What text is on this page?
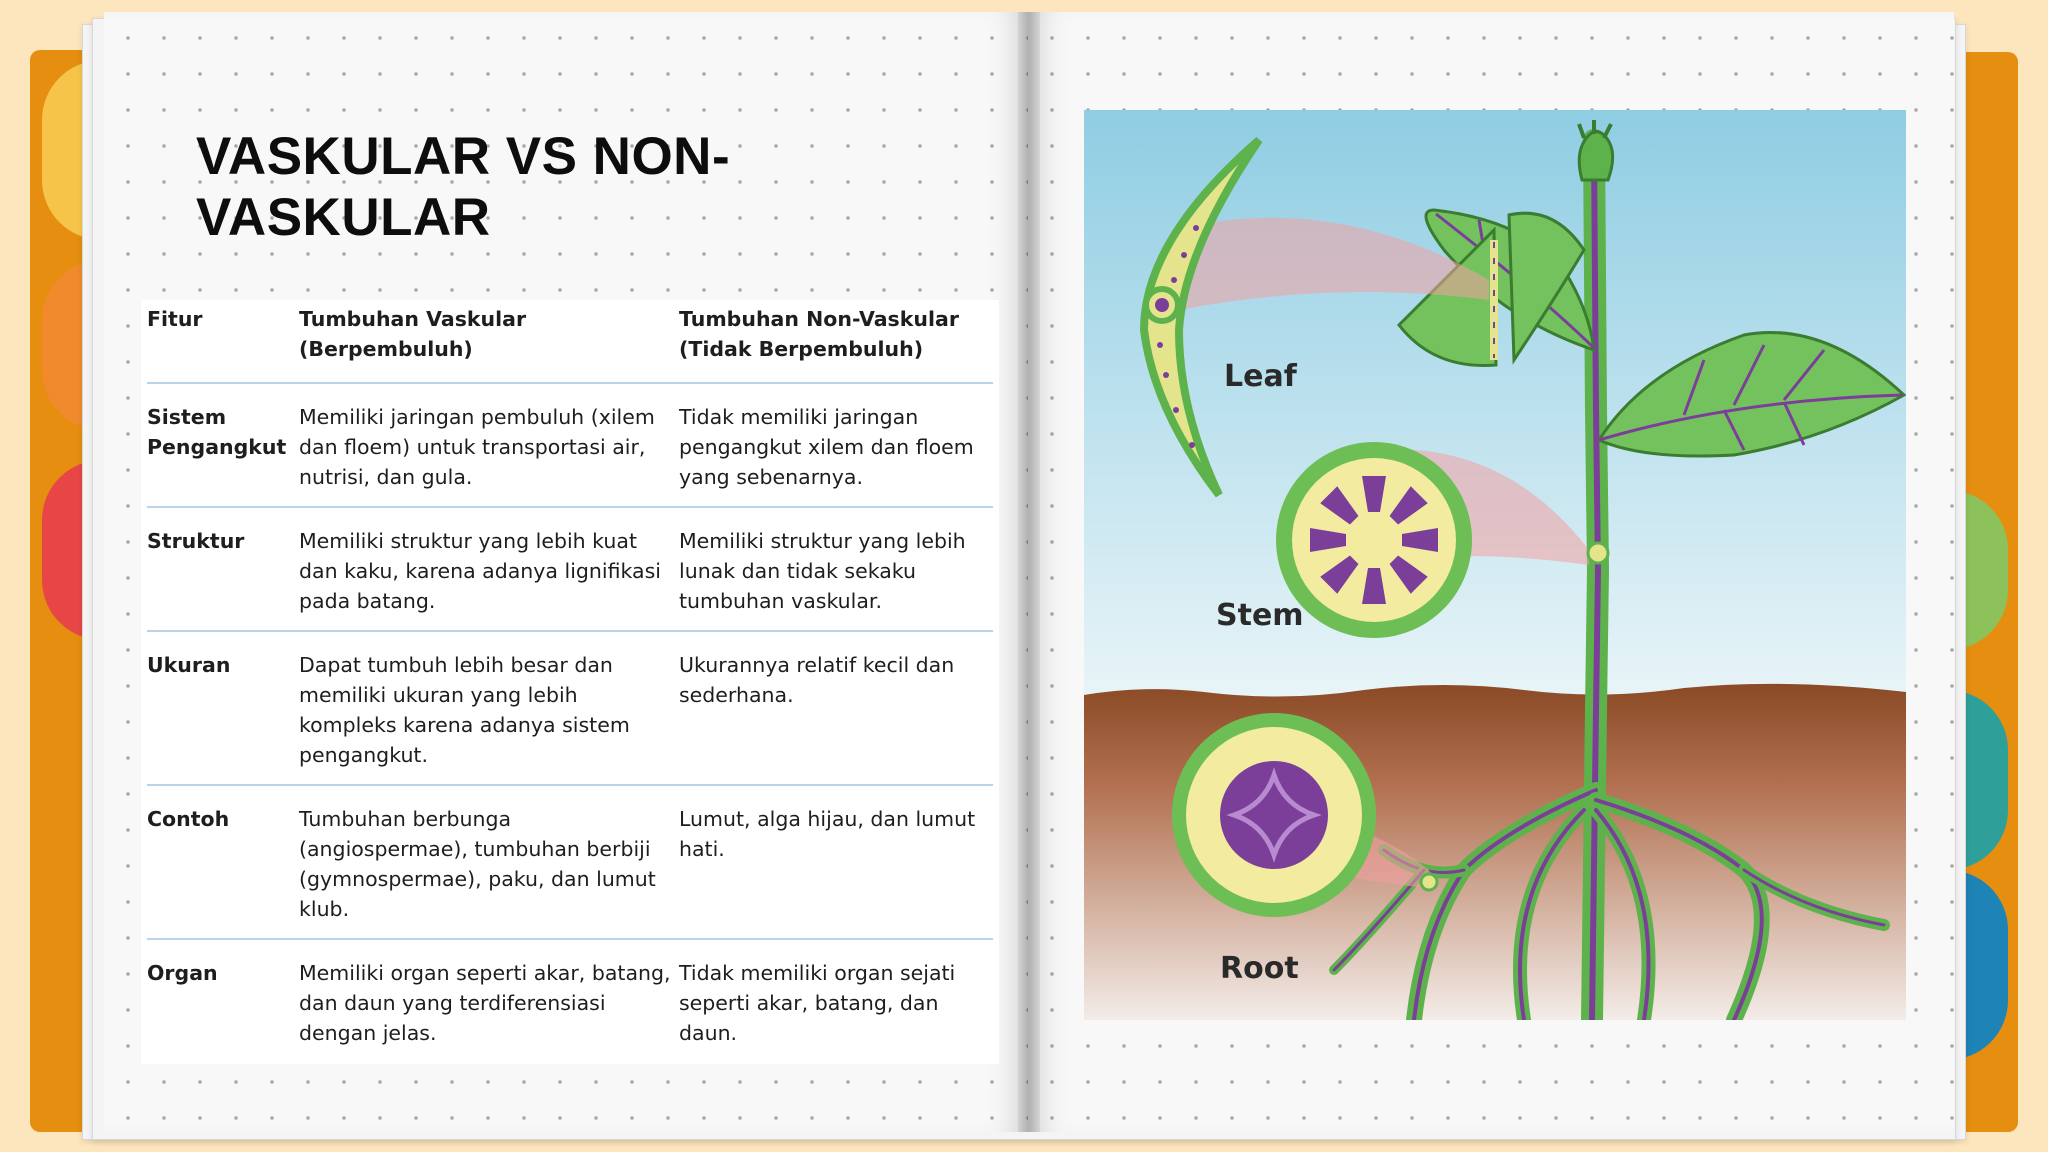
VASKULAR VS NON-VASKULAR
Fitur	Tumbuhan Vaskular (Berpembuluh)	Tumbuhan Non-Vaskular (Tidak Berpembuluh)
Sistem Pengangkut	Memiliki jaringan pembuluh (xilem dan floem) untuk transportasi air, nutrisi, dan gula.	Tidak memiliki jaringan pengangkut xilem dan floem yang sebenarnya.
Struktur	Memiliki struktur yang lebih kuat dan kaku, karena adanya lignifikasi pada batang.	Memiliki struktur yang lebih lunak dan tidak sekaku tumbuhan vaskular.
Ukuran	Dapat tumbuh lebih besar dan memiliki ukuran yang lebih kompleks karena adanya sistem pengangkut.	Ukurannya relatif kecil dan sederhana.
Contoh	Tumbuhan berbunga (angiospermae), tumbuhan berbiji (gymnospermae), paku, dan lumut klub.	Lumut, alga hijau, dan lumut hati.
Organ	Memiliki organ seperti akar, batang, dan daun yang terdiferensiasi dengan jelas.	Tidak memiliki organ sejati seperti akar, batang, dan daun.
Leaf
Stem
Root
